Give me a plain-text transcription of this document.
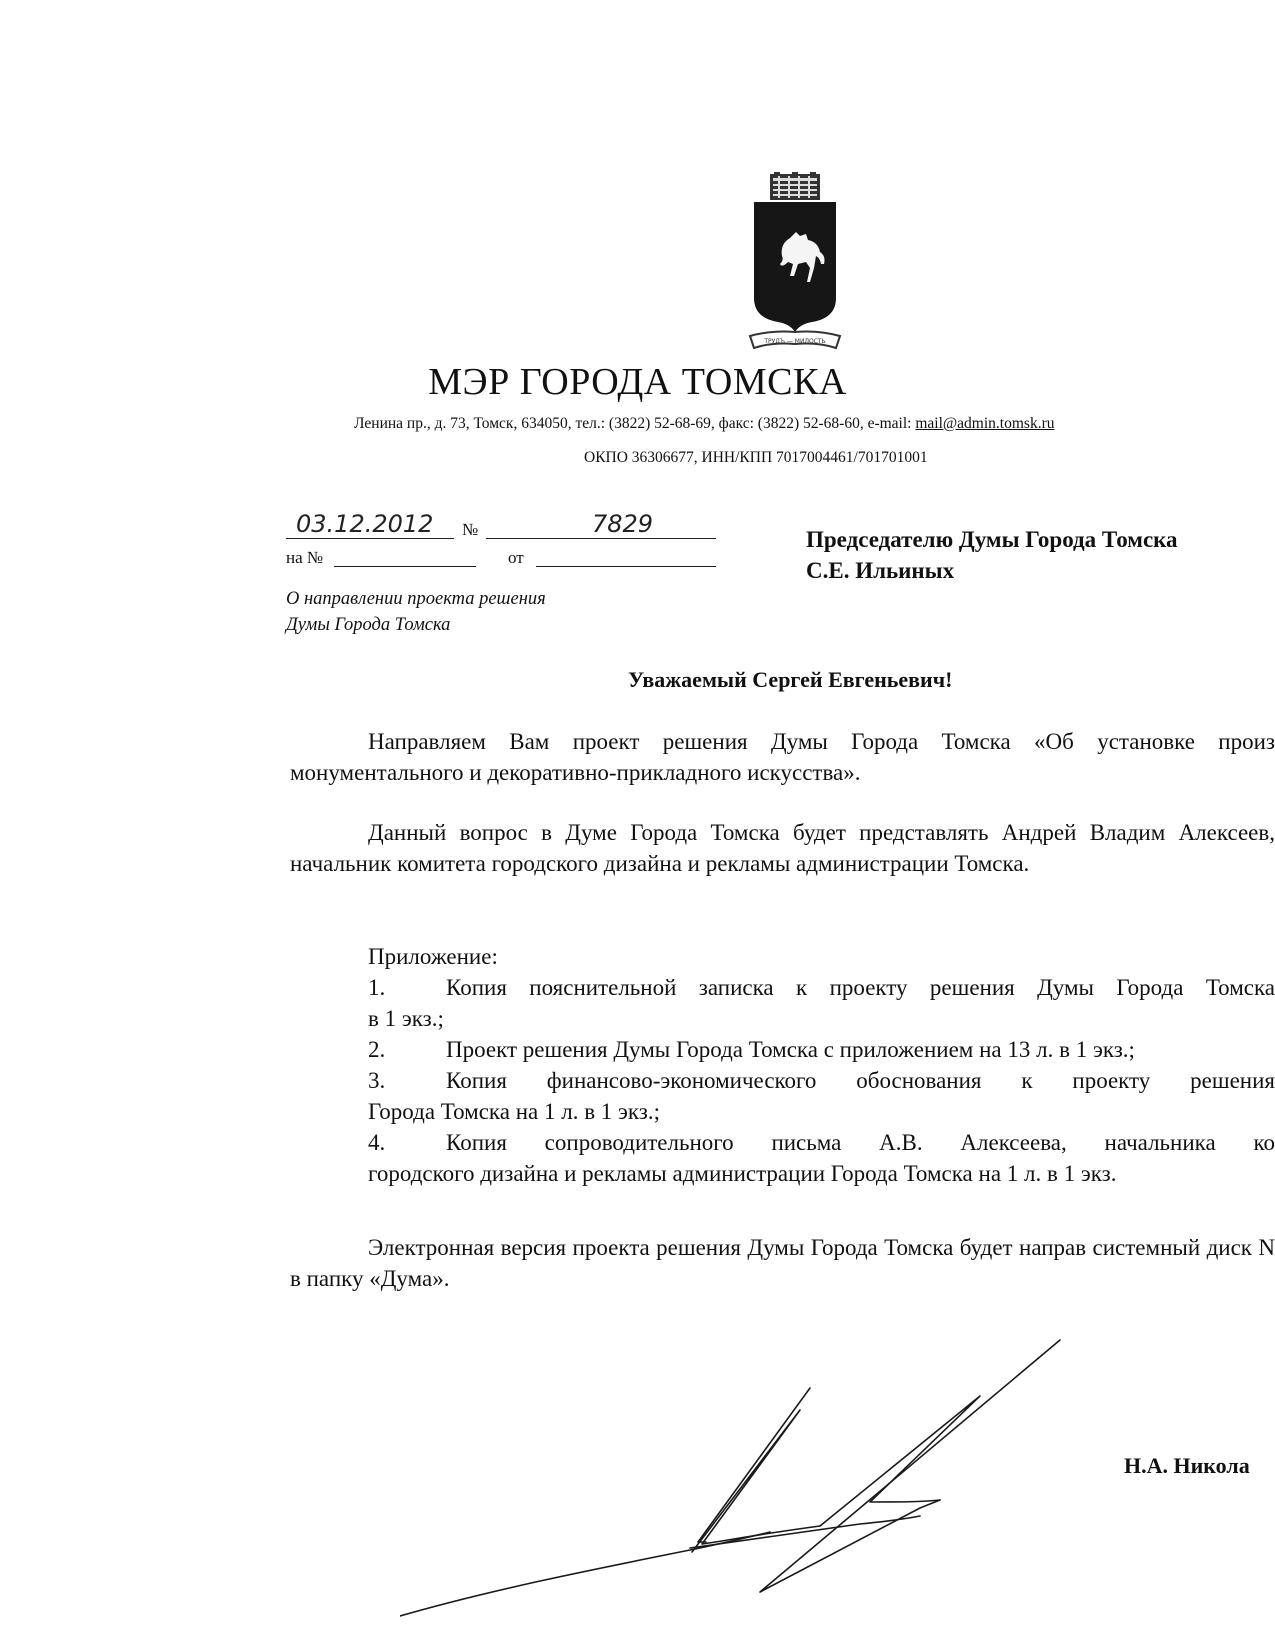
ТРУДЪ — МИЛОСТЬ
МЭР ГОРОДА ТОМСКА
Ленина пр., д. 73, Томск, 634050, тел.: (3822) 52-68-69, факс: (3822) 52-68-60, e-mail: mail@admin.tomsk.ru
ОКПО 36306677, ИНН/КПП 7017004461/701701001
03.12.2012 №	7829
на №	от
О направлении проекта решения
Думы Города Томска
Председателю Думы Города Томска
С.Е. Ильиных
Уважаемый Сергей Евгеньевич!

Направляем Вам проект решения Думы Города Томска «Об установке произ монументального и декоративно-прикладного искусства».

Данный вопрос в Думе Города Томска будет представлять Андрей Владим Алексеев, начальник комитета городского дизайна и рекламы администрации Томска.

Приложение:
1.	Копия пояснительной записка к проекту решения Думы Города Томска
в 1 экз.;
2.	Проект решения Думы Города Томска с приложением на 13 л. в 1 экз.;
3.	Копия финансово-экономического обоснования к проекту решения
Города Томска на 1 л. в 1 экз.;
4.	Копия сопроводительного письма А.В. Алексеева, начальника ко
городского дизайна и рекламы администрации Города Томска на 1 л. в 1 экз.

Электронная версия проекта решения Думы Города Томска будет направ системный диск N в папку «Дума».

Н.А. Никола
